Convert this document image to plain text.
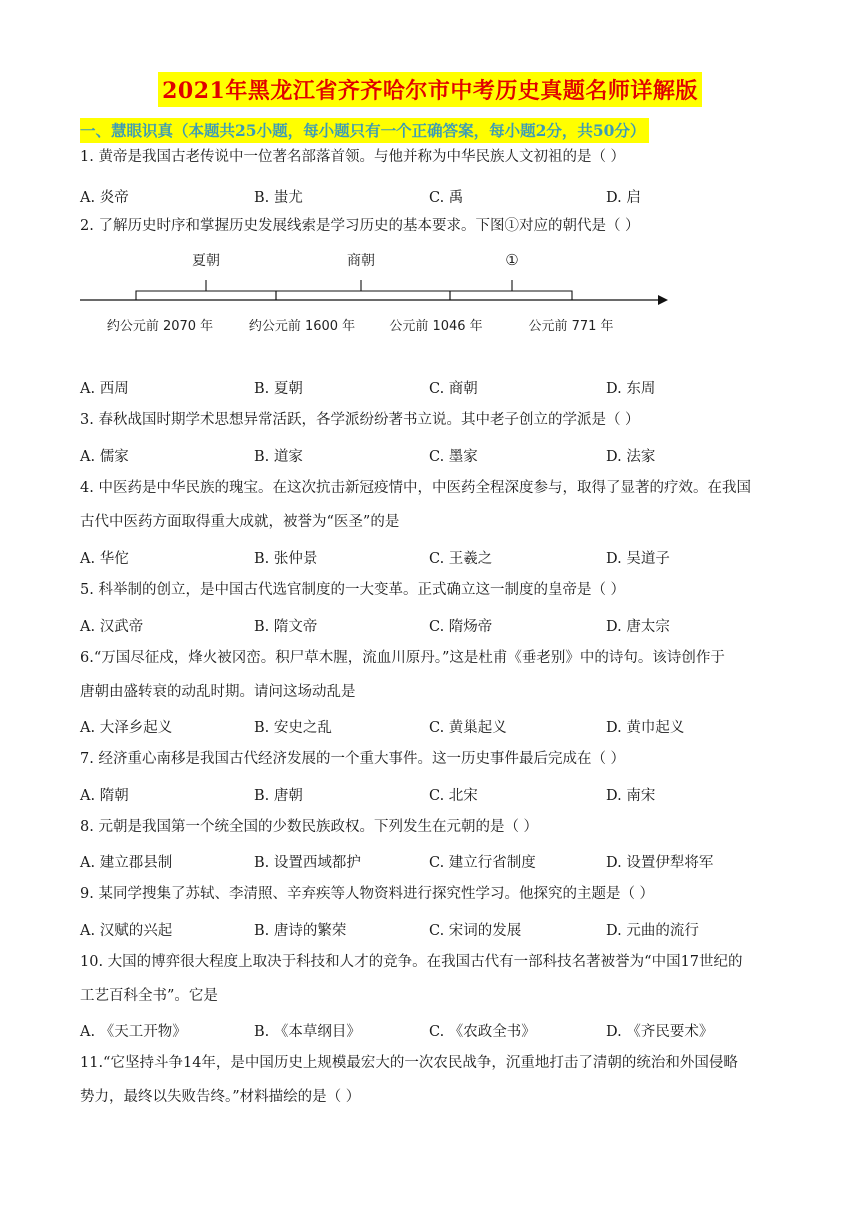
2021年黑龙江省齐齐哈尔市中考历史真题名师详解版
一、慧眼识真（本题共25小题，每小题只有一个正确答案，每小题2分，共50分）
1. 黄帝是我国古老传说中一位著名部落首领。与他并称为中华民族人文初祖的是（ ）
A. 炎帝	B. 蚩尤	C. 禹	D. 启
2. 了解历史时序和掌握历史发展线索是学习历史的基本要求。下图①对应的朝代是（ ）
夏朝	商朝	①
约公元前 2070 年	约公元前 1600 年	公元前 1046 年	公元前 771 年
A. 西周	B. 夏朝	C. 商朝	D. 东周
3. 春秋战国时期学术思想异常活跃，各学派纷纷著书立说。其中老子创立的学派是（ ）
A. 儒家	B. 道家	C. 墨家	D. 法家
4. 中医药是中华民族的瑰宝。在这次抗击新冠疫情中，中医药全程深度参与，取得了显著的疗效。在我国
古代中医药方面取得重大成就，被誉为“医圣”的是
A. 华佗	B. 张仲景	C. 王羲之	D. 吴道子
5. 科举制的创立，是中国古代选官制度的一大变革。正式确立这一制度的皇帝是（ ）
A. 汉武帝	B. 隋文帝	C. 隋炀帝	D. 唐太宗
6.“万国尽征戍，烽火被冈峦。积尸草木腥，流血川原丹。”这是杜甫《垂老别》中的诗句。该诗创作于
唐朝由盛转衰的动乱时期。请问这场动乱是
A. 大泽乡起义	B. 安史之乱	C. 黄巢起义	D. 黄巾起义
7. 经济重心南移是我国古代经济发展的一个重大事件。这一历史事件最后完成在（ ）
A. 隋朝	B. 唐朝	C. 北宋	D. 南宋
8. 元朝是我国第一个统全国的少数民族政权。下列发生在元朝的是（ ）
A. 建立郡县制	B. 设置西域都护	C. 建立行省制度	D. 设置伊犁将军
9. 某同学搜集了苏轼、李清照、辛弃疾等人物资料进行探究性学习。他探究的主题是（ ）
A. 汉赋的兴起	B. 唐诗的繁荣	C. 宋词的发展	D. 元曲的流行
10. 大国的博弈很大程度上取决于科技和人才的竞争。在我国古代有一部科技名著被誉为“中国17世纪的
工艺百科全书”。它是
A. 《天工开物》	B. 《本草纲目》	C. 《农政全书》	D. 《齐民要术》
11.“它坚持斗争14年，是中国历史上规模最宏大的一次农民战争，沉重地打击了清朝的统治和外国侵略
势力，最终以失败告终。”材料描绘的是（ ）
